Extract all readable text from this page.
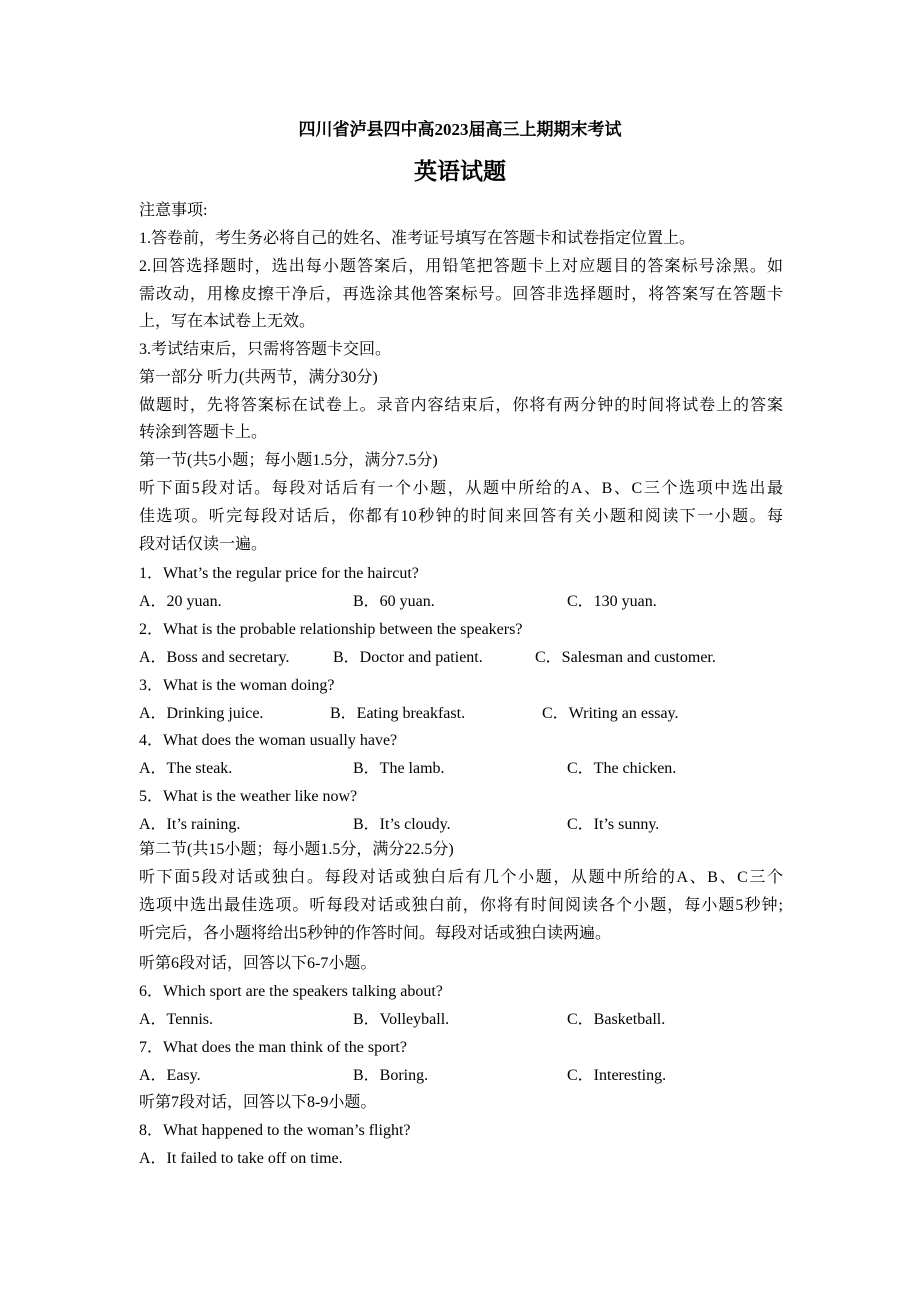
四川省泸县四中高2023届高三上期期末考试
英语试题
注意事项:
1.答卷前，考生务必将自己的姓名、准考证号填写在答题卡和试卷指定位置上。
2.回答选择题时，选出每小题答案后，用铅笔把答题卡上对应题目的答案标号涂黑。如
需改动，用橡皮擦干净后，再选涂其他答案标号。回答非选择题时，将答案写在答题卡
上，写在本试卷上无效。
3.考试结束后，只需将答题卡交回。
第一部分 听力(共两节，满分30分)
做题时，先将答案标在试卷上。录音内容结束后，你将有两分钟的时间将试卷上的答案
转涂到答题卡上。
第一节(共5小题；每小题1.5分，满分7.5分)
听下面5段对话。每段对话后有一个小题，从题中所给的A、B、C三个选项中选出最
佳选项。听完每段对话后，你都有10秒钟的时间来回答有关小题和阅读下一小题。每
段对话仅读一遍。
1．What’s the regular price for the haircut?
A．20 yuan.	B．60 yuan.	C．130 yuan.
2．What is the probable relationship between the speakers?
A．Boss and secretary.	B．Doctor and patient.	C．Salesman and customer.
3．What is the woman doing?
A．Drinking juice.	B．Eating breakfast.	C．Writing an essay.
4．What does the woman usually have?
A．The steak.	B．The lamb.	C．The chicken.
5．What is the weather like now?
A．It’s raining.	B．It’s cloudy.	C．It’s sunny.
第二节(共15小题；每小题1.5分，满分22.5分)
听下面5段对话或独白。每段对话或独白后有几个小题，从题中所给的A、B、C三个
选项中选出最佳选项。听每段对话或独白前，你将有时间阅读各个小题，每小题5秒钟;
听完后，各小题将给出5秒钟的作答时间。每段对话或独白读两遍。
听第6段对话，回答以下6-7小题。
6．Which sport are the speakers talking about?
A．Tennis.	B．Volleyball.	C．Basketball.
7．What does the man think of the sport?
A．Easy.	B．Boring.	C．Interesting.
听第7段对话，回答以下8-9小题。
8．What happened to the woman’s flight?
A．It failed to take off on time.
